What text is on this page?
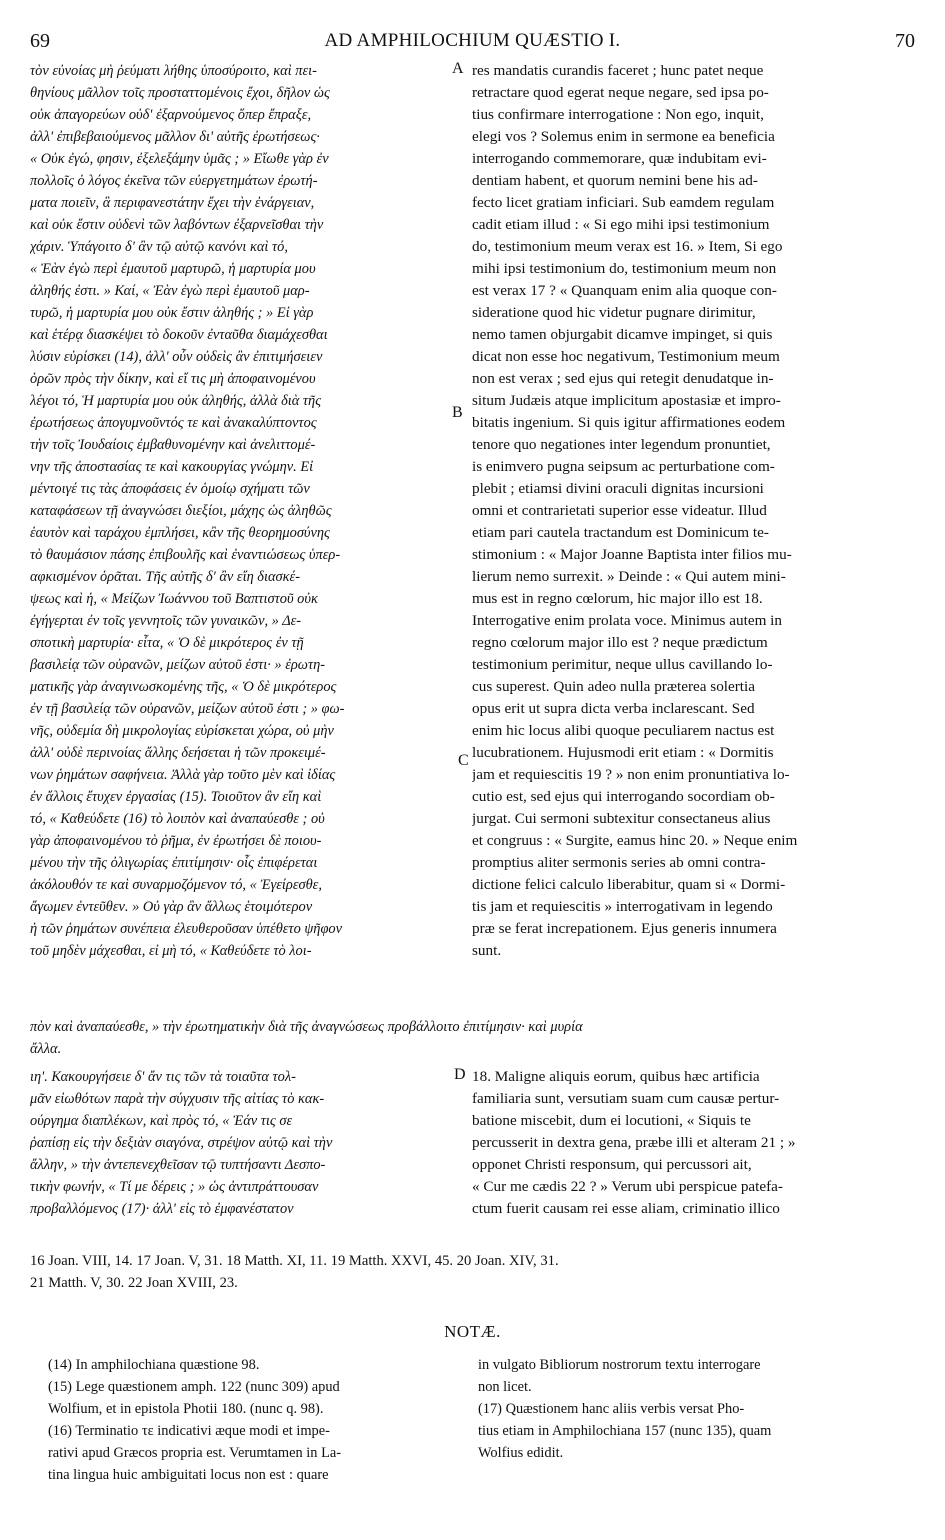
69	AD AMPHILOCHIUM QUÆSTIO I.	70
τὸν εὐνοίας μὴ ῥεύματι λήθης ὑποσύροιτο, καὶ πει-
θηνίους μᾶλλον τοῖς προσταττομένοις ἔχοι, δῆλον ὡς
οὐκ ἀπαγορεύων οὐδ' ἐξαρνούμενος ὅπερ ἔπραξε,
ἀλλ' ἐπιβεβαιούμενος μᾶλλον δι' αὐτῆς ἐρωτήσεως·
« Οὐκ ἐγώ, φησιν, ἐξελεξάμην ὑμᾶς ; » Εἴωθε γὰρ ἐν
πολλοῖς ὁ λόγος ἐκεῖνα τῶν εὐεργετημάτων ἐρωτή-
ματα ποιεῖν, ἃ περιφανεστάτην ἔχει τὴν ἐνάργειαν,
καὶ οὐκ ἔστιν οὐδενὶ τῶν λαβόντων ἐξαρνεῖσθαι τὴν
χάριν. Ὑπάγοιτο δ' ἂν τῷ αὐτῷ κανόνι καὶ τό,
« Ἐὰν ἐγὼ περὶ ἐμαυτοῦ μαρτυρῶ, ἡ μαρτυρία μου
ἀληθής ἐστι. » Καί, « Ἐὰν ἐγὼ περὶ ἐμαυτοῦ μαρ-
τυρῶ, ἡ μαρτυρία μου οὐκ ἔστιν ἀληθής ; » Εἰ γὰρ
καὶ ἑτέρᾳ διασκέψει τὸ δοκοῦν ἐνταῦθα διαμάχεσθαι
λύσιν εὑρίσκει (14), ἀλλ' οὖν οὐδεὶς ἂν ἐπιτιμήσειεν
ὁρῶν πρὸς τὴν δίκην, καὶ εἴ τις μὴ ἀποφαινομένου
λέγοι τό, Ἡ μαρτυρία μου οὐκ ἀληθής, ἀλλὰ διὰ τῆς
ἐρωτήσεως ἀπογυμνοῦντός τε καὶ ἀνακαλύπτοντος
τὴν τοῖς Ἰουδαίοις ἐμβαθυνομένην καὶ ἀνελιττομέ-
νην τῆς ἀποστασίας τε καὶ κακουργίας γνώμην. Εἰ
μέντοιγέ τις τὰς ἀποφάσεις ἐν ὁμοίῳ σχήματι τῶν
καταφάσεων τῇ ἀναγνώσει διεξίοι, μάχης ὡς ἀληθῶς
ἑαυτὸν καὶ ταράχου ἐμπλήσει, κἂν τῆς θεορημοσύνης
τὸ θαυμάσιον πάσης ἐπιβουλῆς καὶ ἐναντιώσεως ὑπερ-
αφκισμένον ὁρᾶται. Τῆς αὐτῆς δ' ἂν εἴη διασκέ-
ψεως καὶ ἡ, « Μείζων Ἰωάννου τοῦ Βαπτιστοῦ οὐκ
ἐγήγερται ἐν τοῖς γεννητοῖς τῶν γυναικῶν, » Δε-
σποτικὴ μαρτυρία· εἶτα, « Ὁ δὲ μικρότερος ἐν τῇ
βασιλείᾳ τῶν οὐρανῶν, μείζων αὐτοῦ ἐστι· » ἐρωτη-
ματικῆς γὰρ ἀναγινωσκομένης τῆς, « Ὁ δὲ μικρότερος
ἐν τῇ βασιλείᾳ τῶν οὐρανῶν, μείζων αὐτοῦ ἐστι ; » φω-
νῆς, οὐδεμία δὴ μικρολογίας εὑρίσκεται χώρα, οὐ μὴν
ἀλλ' οὐδὲ περινοίας ἄλλης δεήσεται ἡ τῶν προκειμέ-
νων ῥημάτων σαφήνεια. Ἀλλὰ γὰρ τοῦτο μὲν καὶ ἰδίας
ἐν ἄλλοις ἔτυχεν ἐργασίας (15). Τοιοῦτον ἂν εἴη καὶ
τό, « Καθεύδετε (16) τὸ λοιπὸν καὶ ἀναπαύεσθε ; οὐ
γὰρ ἀποφαινομένου τὸ ῥῆμα, ἐν ἐρωτήσει δὲ ποιου-
μένου τὴν τῆς ὀλιγωρίας ἐπιτίμησιν· οἷς ἐπιφέρεται
ἀκόλουθόν τε καὶ συναρμοζόμενον τό, « Ἐγείρεσθε,
ἄγωμεν ἐντεῦθεν. » Οὐ γὰρ ἂν ἄλλως ἑτοιμότερον
ἡ τῶν ῥημάτων συνέπεια ἐλευθεροῦσαν ὑπέθετο ψῆφον
τοῦ μηδὲν μάχεσθαι, εἰ μὴ τό, « Καθεύδετε τὸ λοι-
res mandatis curandis faceret ; hunc patet neque
retractare quod egerat neque negare, sed ipsa po-
tius confirmare interrogatione : Non ego, inquit,
elegi vos ? Solemus enim in sermone ea beneficia
interrogando commemorare, quæ indubitam evi-
dentiam habent, et quorum nemini bene his ad-
fecto licet gratiam inficiari. Sub eamdem regulam
cadit etiam illud : « Si ego mihi ipsi testimonium
do, testimonium meum verax est 16. » Item, Si ego
mihi ipsi testimonium do, testimonium meum non
est verax 17 ? « Quanquam enim alia quoque con-
sideratione quod hic videtur pugnare dirimitur,
nemo tamen objurgabit dicamve impinget, si quis
dicat non esse hoc negativum, Testimonium meum
non est verax ; sed ejus qui retegit denudatque in-
situm Judæis atque implicitum apostasiæ et impro-
bitatis ingenium. Si quis igitur affirmationes eodem
tenore quo negationes inter legendum pronuntiet,
is enimvero pugna seipsum ac perturbatione com-
plebit ; etiamsi divini oraculi dignitas incursioni
omni et contrarietati superior esse videatur. Illud
etiam pari cautela tractandum est Dominicum te-
stimonium : « Major Joanne Baptista inter filios mu-
lierum nemo surrexit. » Deinde : « Qui autem mini-
mus est in regno cœlorum, hic major illo est 18.
Interrogative enim prolata voce. Minimus autem in
regno cœlorum major illo est ? neque prædictum
testimonium perimitur, neque ullus cavillando lo-
cus superest. Quin adeo nulla præterea solertia
opus erit ut supra dicta verba inclarescant. Sed
enim hic locus alibi quoque peculiarem nactus est
lucubrationem. Hujusmodi erit etiam : « Dormitis
jam et requiescitis 19 ? » non enim pronuntiativa lo-
cutio est, sed ejus qui interrogando socordiam ob-
jurgat. Cui sermoni subtexitur consectaneus alius
et congruus : « Surgite, eamus hinc 20. » Neque enim
promptius aliter sermonis series ab omni contra-
dictione felici calculo liberabitur, quam si « Dormi-
tis jam et requiescitis » interrogativam in legendo
præ se ferat increpationem. Ejus generis innumera
sunt.
A
B
C
D
πὸν καὶ ἀναπαύεσθε, » τὴν ἐρωτηματικὴν διὰ τῆς ἀναγνώσεως προβάλλοιτο ἐπιτίμησιν· καὶ μυρία
ἄλλα.
ιη'. Κακουργήσειε δ' ἄν τις τῶν τὰ τοιαῦτα τολ-
μᾶν εἰωθότων παρὰ τὴν σύγχυσιν τῆς αἰτίας τὸ κακ-
ούργημα διαπλέκων, καὶ πρὸς τό, « Ἐάν τις σε
ῥαπίσῃ εἰς τὴν δεξιὰν σιαγόνα, στρέψον αὐτῷ καὶ τὴν
ἄλλην, » τὴν ἀντεπενεχθεῖσαν τῷ τυπτήσαντι Δεσπο-
τικὴν φωνήν, « Τί με δέρεις ; » ὡς ἀντιπράττουσαν
προβαλλόμενος (17)· ἀλλ' εἰς τὸ ἐμφανέστατον
18. Maligne aliquis eorum, quibus hæc artificia
familiaria sunt, versutiam suam cum causæ pertur-
batione miscebit, dum ei locutioni, « Siquis te
percusserit in dextra gena, præbe illi et alteram 21 ; »
opponet Christi responsum, qui percussori ait,
« Cur me cædis 22 ? » Verum ubi perspicue patefa-
ctum fuerit causam rei esse aliam, criminatio illico
16 Joan. VIII, 14. 17 Joan. V, 31. 18 Matth. XI, 11. 19 Matth. XXVI, 45. 20 Joan. XIV, 31.
21 Matth. V, 30. 22 Joan XVIII, 23.
NOTÆ.
(14) In amphilochiana quæstione 98.
(15) Lege quæstionem amph. 122 (nunc 309) apud
Wolfium, et in epistola Photii 180. (nunc q. 98).
(16) Terminatio τε indicativi æque modi et impe-
rativi apud Græcos propria est. Verumtamen in La-
tina lingua huic ambiguitati locus non est : quare
in vulgato Bibliorum nostrorum textu interrogare
non licet.
(17) Quæstionem hanc aliis verbis versat Pho-
tius etiam in Amphilochiana 157 (nunc 135), quam
Wolfius edidit.
